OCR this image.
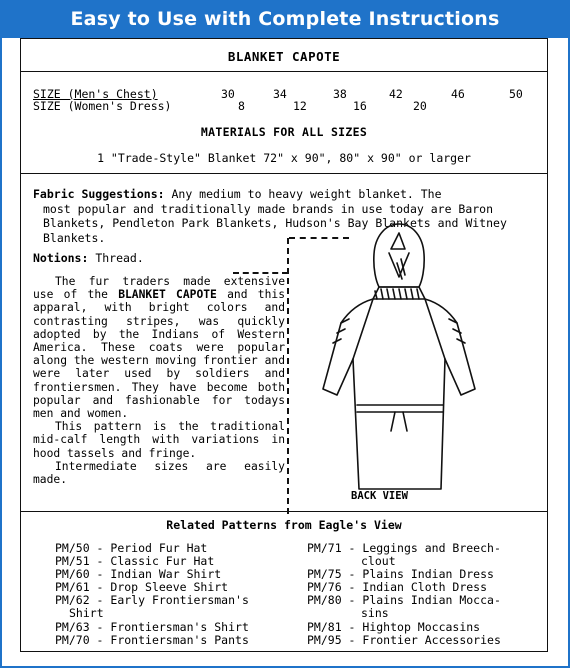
Easy to Use with Complete Instructions
BLANKET CAPOTE
SIZE (Men's Chest)	30	34	38	42	46	50
SIZE (Women's Dress)	8	12	16	20
MATERIALS FOR ALL SIZES
1 "Trade-Style" Blanket 72" x 90", 80" x 90" or larger
Fabric Suggestions: Any medium to heavy weight blanket. The
most popular and traditionally made brands in use today are Baron Blankets, Pendleton Park Blankets, Hudson's Bay Blankets and Witney Blankets.
Notions: Thread.

The fur traders made extensive use of the BLANKET CAPOTE and this apparal, with bright colors and contrasting stripes, was quickly adopted by the Indians of Western America. These coats were popular along the western moving frontier and were later used by soldiers and frontiersmen. They have become both popular and fashionable for todays men and women.

This pattern is the traditional mid-calf length with variations in hood tassels and fringe.

Intermediate sizes are easily made.

BACK VIEW
Related Patterns from Eagle's View
PM/50 - Period Fur Hat
PM/51 - Classic Fur Hat
PM/60 - Indian War Shirt
PM/61 - Drop Sleeve Shirt
PM/62 - Early Frontiersman's
Shirt
PM/63 - Frontiersman's Shirt
PM/70 - Frontiersman's Pants
PM/71 - Leggings and Breech-
clout
PM/75 - Plains Indian Dress
PM/76 - Indian Cloth Dress
PM/80 - Plains Indian Mocca-
sins
PM/81 - Hightop Moccasins
PM/95 - Frontier Accessories
